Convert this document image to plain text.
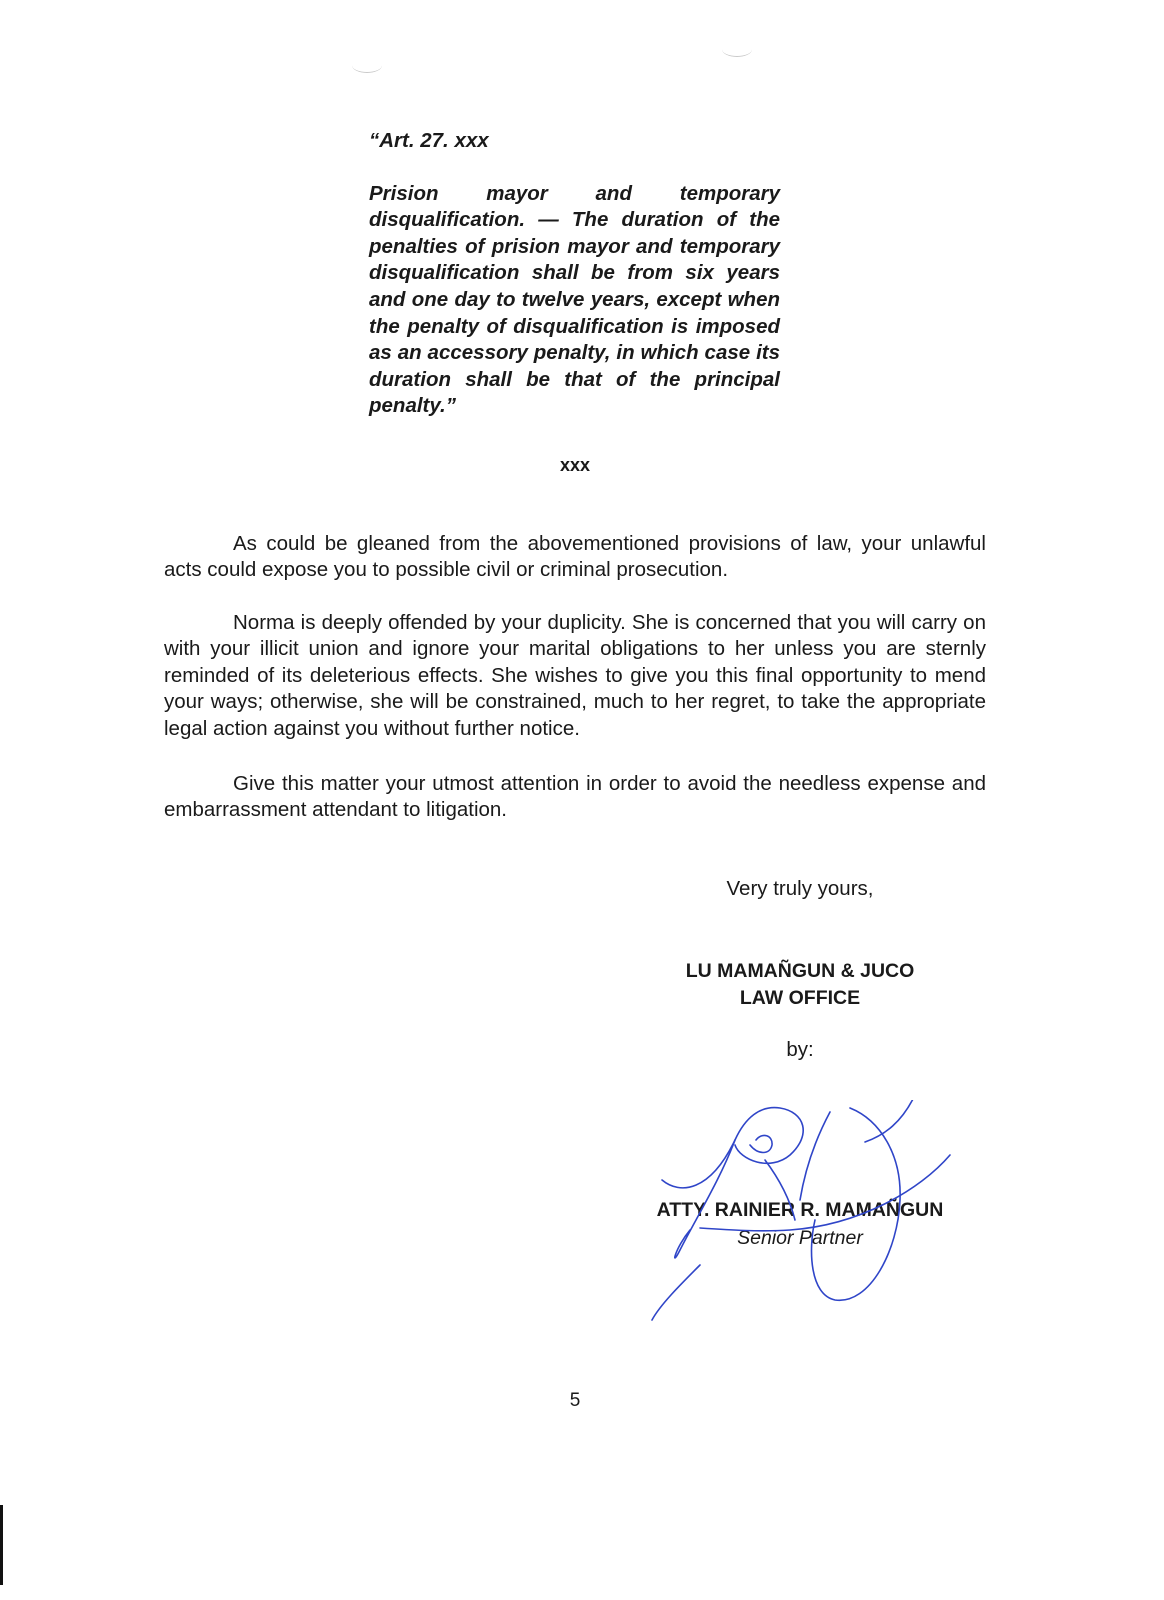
“Art. 27. xxx
Prision mayor and temporary disqualification. — The duration of the penalties of prision mayor and temporary disqualification shall be from six years and one day to twelve years, except when the penalty of disqualification is imposed as an accessory penalty, in which case its duration shall be that of the principal penalty.”
xxx
As could be gleaned from the abovementioned provisions of law, your unlawful acts could expose you to possible civil or criminal prosecution.
Norma is deeply offended by your duplicity. She is concerned that you will carry on with your illicit union and ignore your marital obligations to her unless you are sternly reminded of its deleterious effects. She wishes to give you this final opportunity to mend your ways; otherwise, she will be constrained, much to her regret, to take the appropriate legal action against you without further notice.
Give this matter your utmost attention in order to avoid the needless expense and embarrassment attendant to litigation.
Very truly yours,
LU MAMAÑGUN & JUCO
LAW OFFICE
by:
ATTY. RAINIER R. MAMAÑGUN
Senior Partner
5
